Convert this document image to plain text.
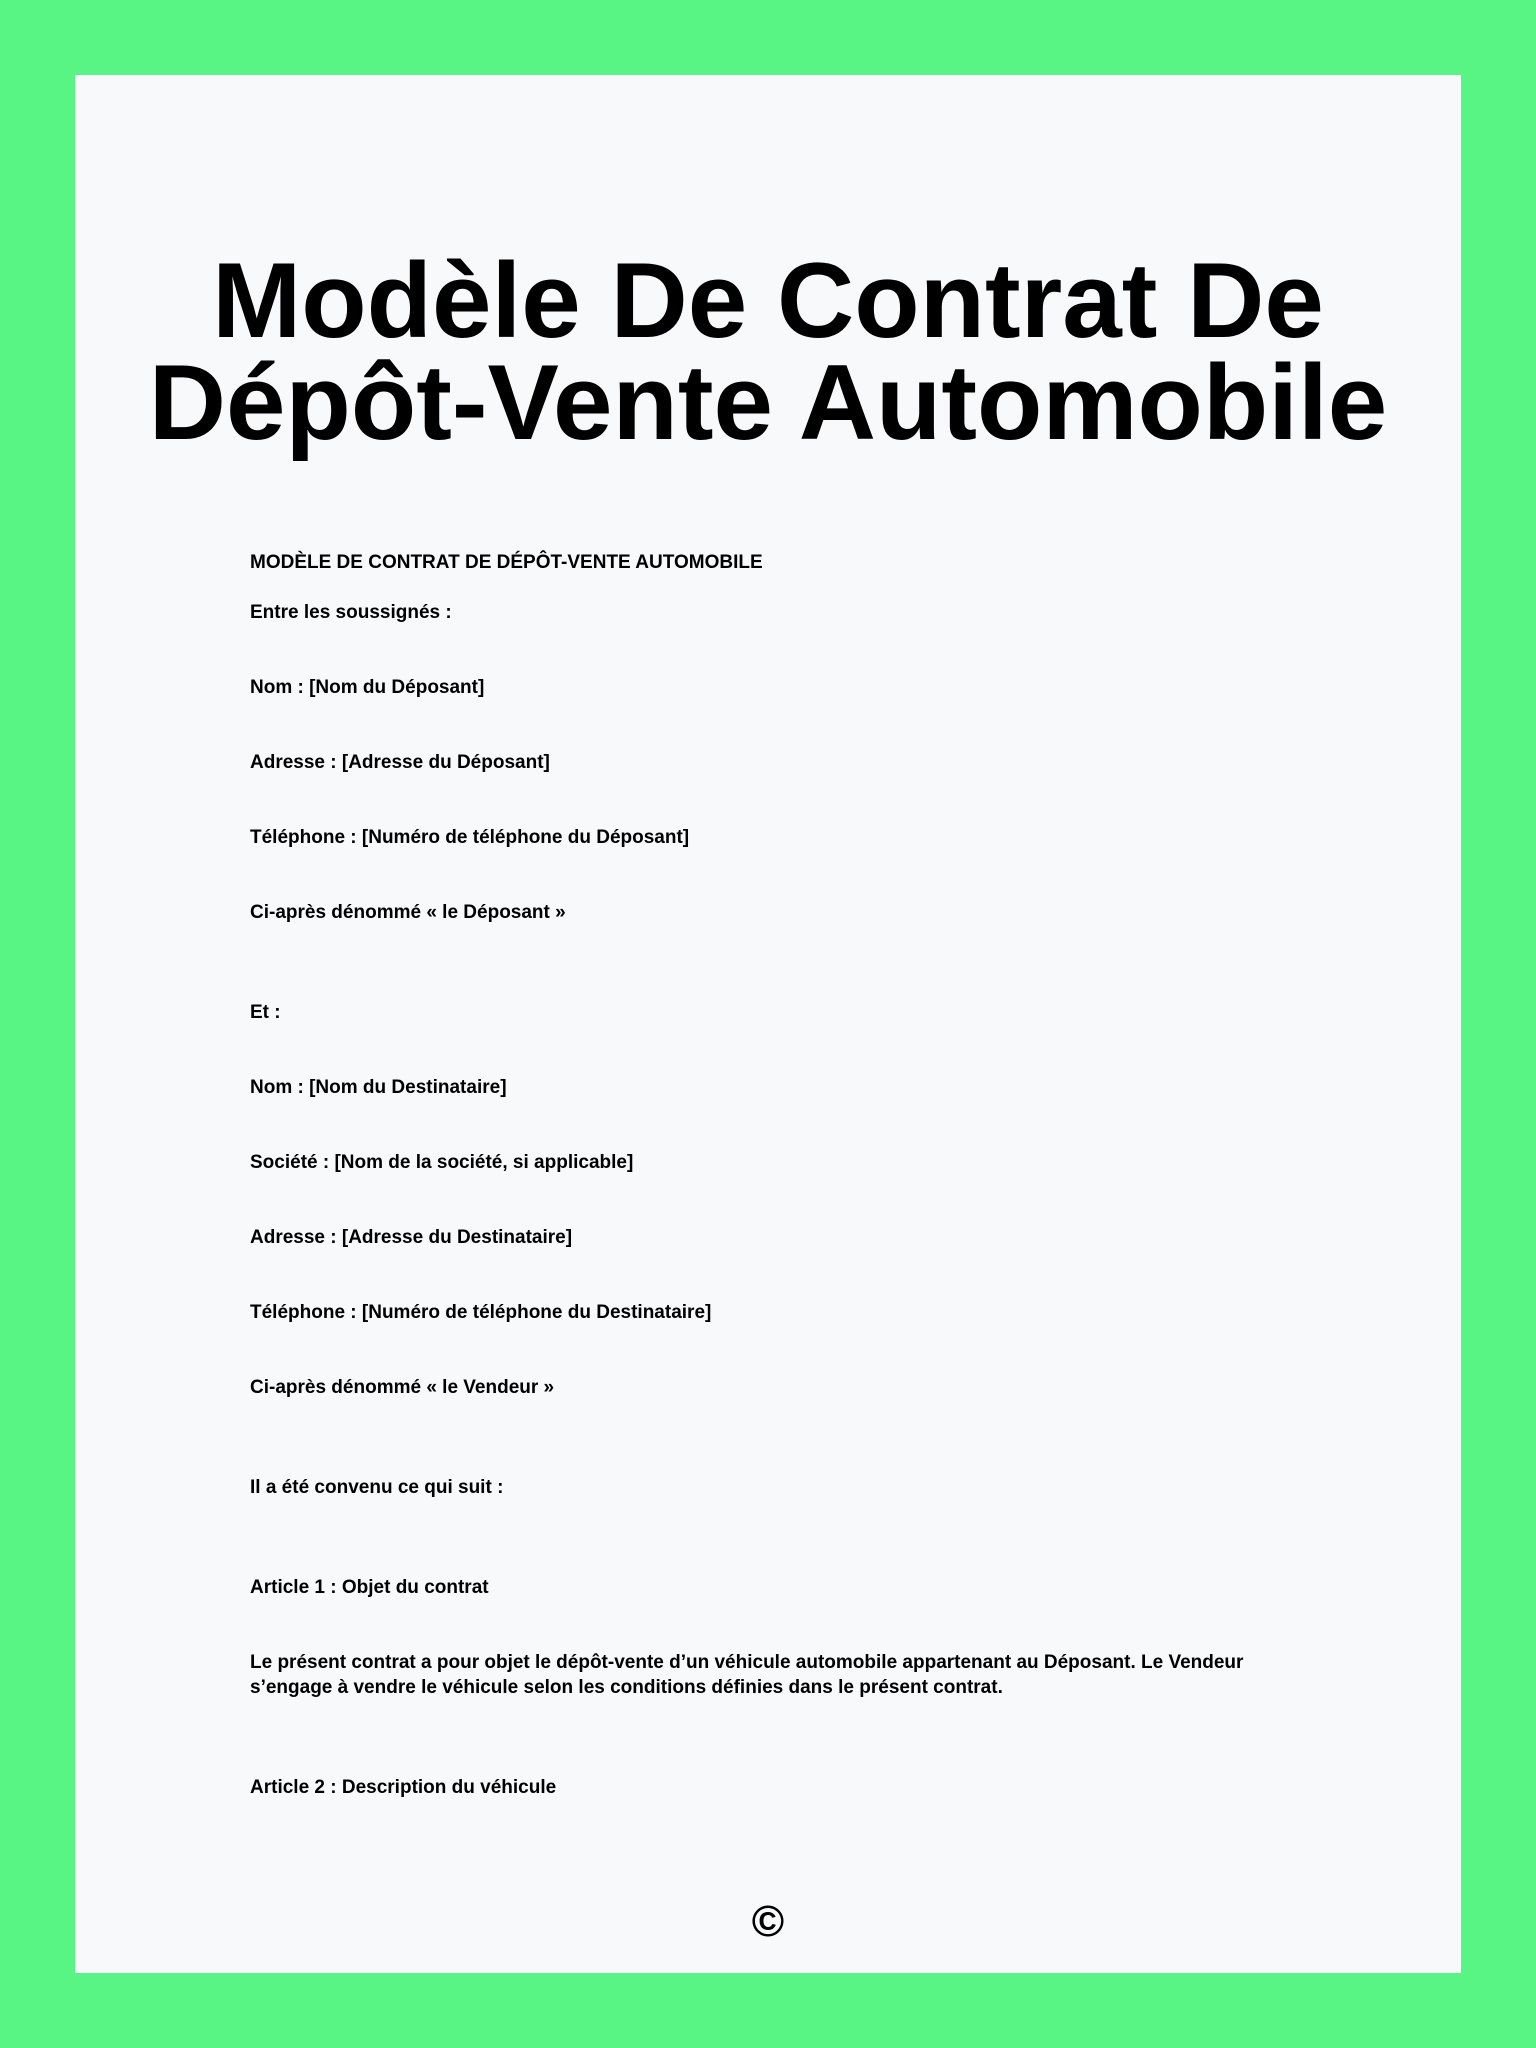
Modèle De Contrat De
Dépôt-Vente Automobile

MODÈLE DE CONTRAT DE DÉPÔT-VENTE AUTOMOBILE

Entre les soussignés :

Nom : [Nom du Déposant]

Adresse : [Adresse du Déposant]

Téléphone : [Numéro de téléphone du Déposant]

Ci-après dénommé « le Déposant »

Et :

Nom : [Nom du Destinataire]

Société : [Nom de la société, si applicable]

Adresse : [Adresse du Destinataire]

Téléphone : [Numéro de téléphone du Destinataire]

Ci-après dénommé « le Vendeur »

Il a été convenu ce qui suit :

Article 1 : Objet du contrat

Le présent contrat a pour objet le dépôt-vente d’un véhicule automobile appartenant au Déposant. Le Vendeur s’engage à vendre le véhicule selon les conditions définies dans le présent contrat.

Article 2 : Description du véhicule

©
